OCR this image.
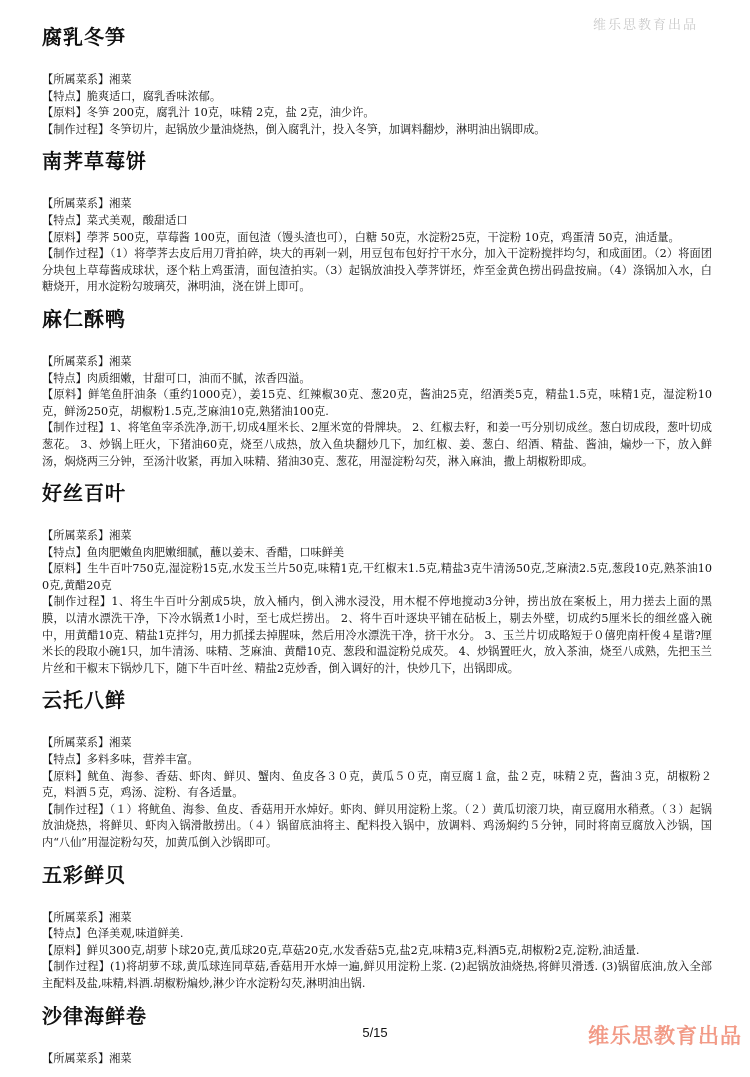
维乐思教育出品
腐乳冬笋

【所属菜系】湘菜

【特点】脆爽适口，腐乳香味浓郁。

【原料】冬笋 200克，腐乳汁 10克，味精 2克，盐 2克，油少许。

【制作过程】冬笋切片，起锅放少量油烧热，倒入腐乳汁，投入冬笋，加调料翻炒，淋明油出锅即成。

南荠草莓饼

【所属菜系】湘菜

【特点】菜式美观，酸甜适口

【原料】荸荠 500克，草莓酱 100克，面包渣（馒头渣也可），白糖 50克，水淀粉25克，干淀粉 10克，鸡蛋清 50克，油适量。

【制作过程】（1）将荸荠去皮后用刀背拍碎，块大的再剁一剁，用豆包布包好拧干水分，加入干淀粉搅拌均匀，和成面团。（2）将面团分块包上草莓酱成球状，逐个粘上鸡蛋清，面包渣拍实。（3）起锅放油投入荸荠饼坯，炸至金黄色捞出码盘按扁。（4）涤锅加入水，白糖烧开，用水淀粉勾玻璃芡，淋明油，浇在饼上即可。

麻仁酥鸭

【所属菜系】湘菜

【特点】肉质细嫩，甘甜可口，油而不腻，浓香四溢。

【原料】鲜笔鱼肝油条（重约1000克），姜15克、红辣椒30克、葱20克，酱油25克，绍酒类5克，精盐1.5克，味精1克，湿淀粉10克，鲜汤250克，胡椒粉1.5克,芝麻油10克,熟猪油100克.

【制作过程】1、将笔鱼宰杀洗净,沥干,切成4厘米长、2厘米宽的骨牌块。 2、红椒去籽，和姜一丐分别切成丝。葱白切成段，葱叶切成葱花。 3、炒锅上旺火，下猪油60克，烧至八成热，放入鱼块翻炒几下，加红椒、姜、葱白、绍酒、精盐、酱油，煸炒一下，放入鲜汤，焖烧两三分钟，至汤汁收紧，再加入味精、猪油30克、葱花，用湿淀粉勾芡，淋入麻油，撒上胡椒粉即成。

好丝百叶

【所属菜系】湘菜

【特点】鱼肉肥嫩鱼肉肥嫩细腻，蘸以姜末、香醋，口味鲜美

【原料】生牛百叶750克,湿淀粉15克,水发玉兰片50克,味精1克,干红椒末1.5克,精盐3克牛清汤50克,芝麻渍2.5克,葱段10克,熟茶油100克,黄醋20克

【制作过程】1、将生牛百叶分割成5块，放入桶内，倒入沸水浸没，用木棍不停地搅动3分钟，捞出放在案板上，用力搓去上面的黑膜，以清水漂洗干净，下冷水锅煮1小时，至七成烂捞出。 2、将牛百叶逐块平铺在砧板上，剔去外壁，切成约5厘米长的细丝盛入碗中，用黄醋10克、精盐1克拌匀，用力抓揉去掉腥味，然后用冷水漂洗干净，挤干水分。 3、玉兰片切成略短于０僖兜南杆俊４星谐?厘米长的段取小碗1只，加牛清汤、味精、芝麻油、黄醋10克、葱段和温淀粉兑成芡。 4、炒锅置旺火，放入茶油，烧至八成熟，先把玉兰片丝和干椒末下锅炒几下，随下牛百叶丝、精盐2克炒香，倒入调好的汁，快炒几下，出锅即成。

云托八鲜

【所属菜系】湘菜

【特点】多料多味，营养丰富。

【原料】鱿鱼、海参、香菇、虾肉、鲜贝、蟹肉、鱼皮各３０克，黄瓜５０克，南豆腐１盒，盐２克，味精２克，酱油３克，胡椒粉２克，料酒５克，鸡汤、淀粉、有各适量。

【制作过程】（１）将鱿鱼、海参、鱼皮、香菇用开水焯好。虾肉、鲜贝用淀粉上浆。（２）黄瓜切滚刀块，南豆腐用水稍煮。（３）起锅放油烧热，将鲜贝、虾肉入锅滑散捞出。（４）锅留底油将主、配料投入锅中，放调料、鸡汤焖约５分钟，同时将南豆腐放入沙锅，国内“八仙”用湿淀粉勾芡，加黄瓜倒入沙锅即可。

五彩鲜贝

【所属菜系】湘菜

【特点】色泽美观,味道鲜美.

【原料】鲜贝300克,胡萝卜球20克,黄瓜球20克,草菇20克,水发香菇5克,盐2克,味精3克,料酒5克,胡椒粉2克,淀粉,油适量.

【制作过程】(1)将胡萝不球,黄瓜球连同草菇,香菇用开水焯一遍,鲜贝用淀粉上浆. (2)起锅放油烧热,将鲜贝滑透. (3)锅留底油,放入全部主配料及盐,味精,料酒.胡椒粉煸炒,淋少许水淀粉勾芡,淋明油出锅.

沙律海鲜卷

【所属菜系】湘菜

5/15	维乐思教育出品
